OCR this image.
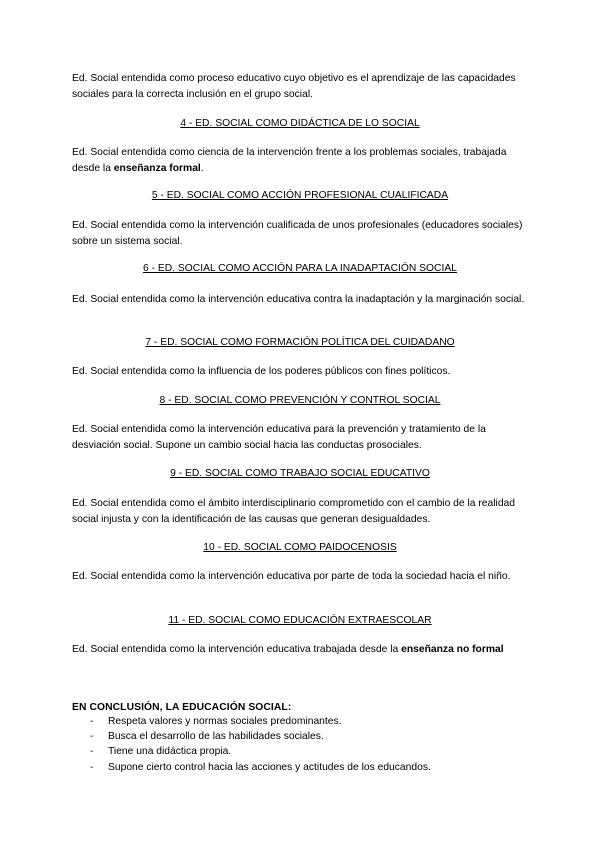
Ed. Social entendida como proceso educativo cuyo objetivo es el aprendizaje de las capacidades sociales para la correcta inclusión en el grupo social.

4 - ED. SOCIAL COMO DIDÁCTICA DE LO SOCIAL

Ed. Social entendida como ciencia de la intervención frente a los problemas sociales, trabajada desde la enseñanza formal.

5 - ED. SOCIAL COMO ACCIÓN PROFESIONAL CUALIFICADA

Ed. Social entendida como la intervención cualificada de unos profesionales (educadores sociales) sobre un sistema social.

6 - ED. SOCIAL COMO ACCIÓN PARA LA INADAPTACIÓN SOCIAL

Ed. Social entendida como la intervención educativa contra la inadaptación y la marginación social.

7 - ED. SOCIAL COMO FORMACIÓN POLÍTICA DEL CUIDADANO

Ed. Social entendida como la influencia de los poderes públicos con fines políticos.

8 - ED. SOCIAL COMO PREVENCIÓN Y CONTROL SOCIAL

Ed. Social entendida como la intervención educativa para la prevención y tratamiento de la desviación social. Supone un cambio social hacia las conductas prosociales.

9 - ED. SOCIAL COMO TRABAJO SOCIAL EDUCATIVO

Ed. Social entendida como el ámbito interdisciplinario comprometido con el cambio de la realidad social injusta y con la identificación de las causas que generan desigualdades.

10 - ED. SOCIAL COMO PAIDOCENOSIS

Ed. Social entendida como la intervención educativa por parte de toda la sociedad hacia el niño.

11 - ED. SOCIAL COMO EDUCACIÓN EXTRAESCOLAR

Ed. Social entendida como la intervención educativa trabajada desde la enseñanza no formal

EN CONCLUSIÓN, LA EDUCACIÓN SOCIAL:

- Respeta valores y normas sociales predominantes.
- Busca el desarrollo de las habilidades sociales.
- Tiene una didáctica propia.
- Supone cierto control hacia las acciones y actitudes de los educandos.
